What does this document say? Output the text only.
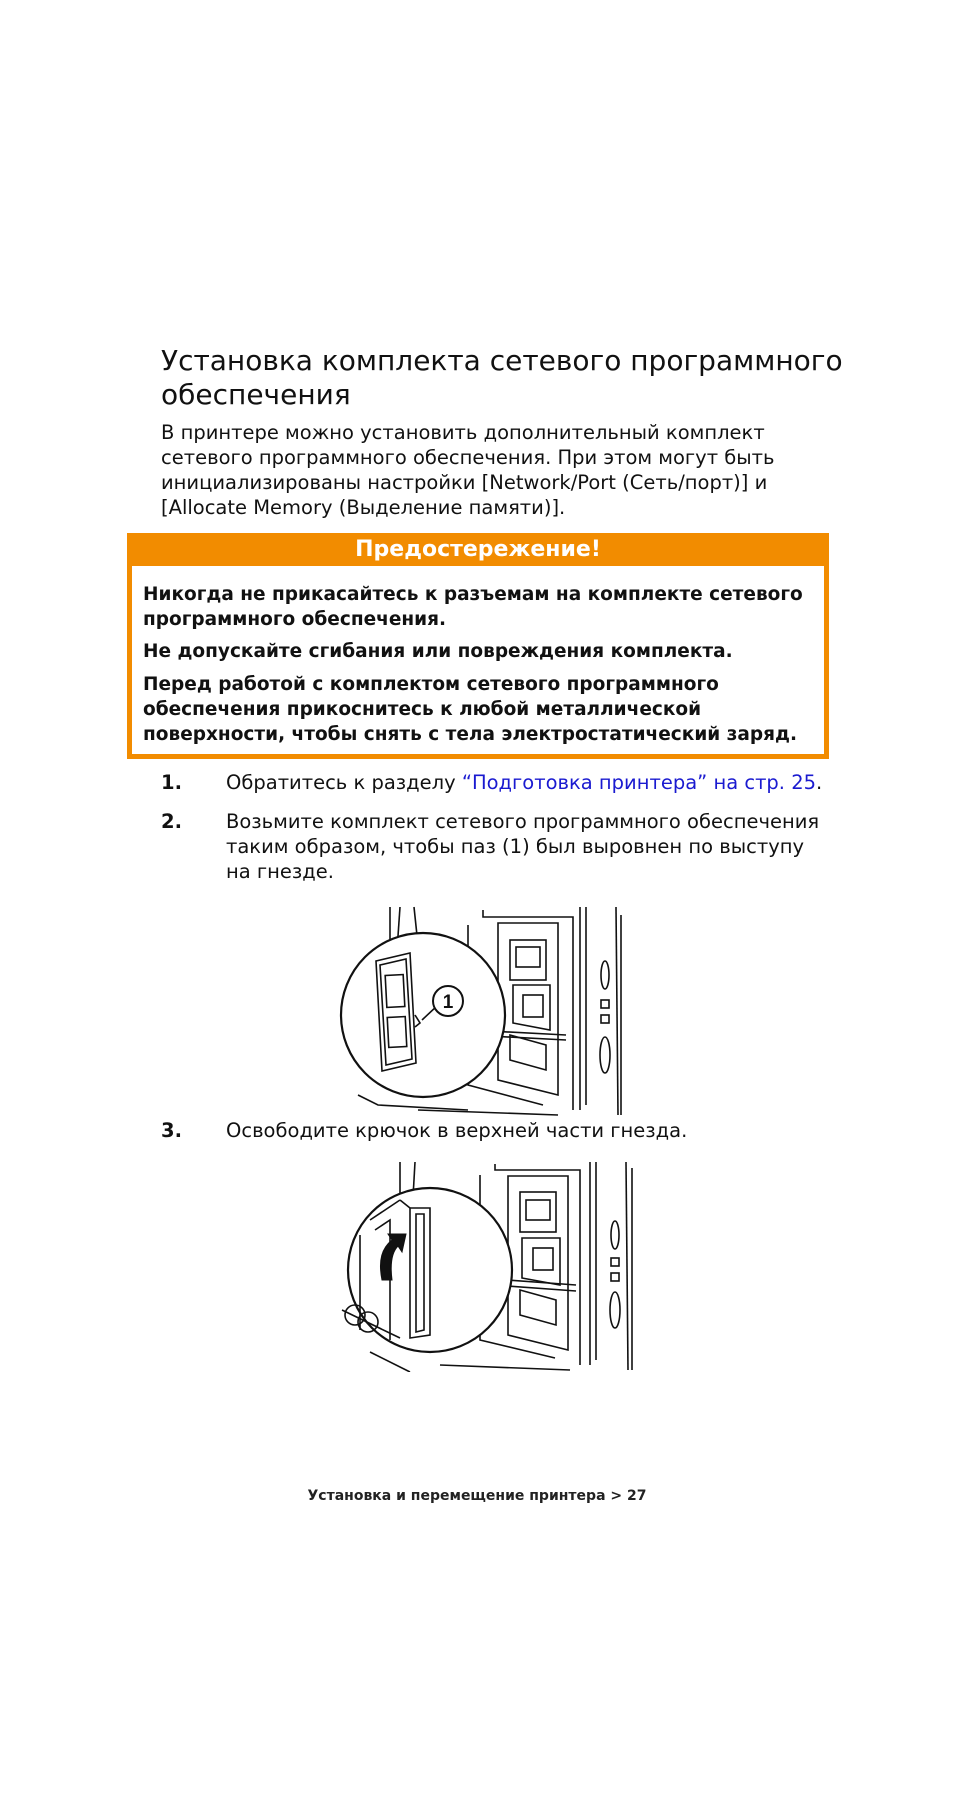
Установка комплекта сетевого программного обеспечения

В принтере можно установить дополнительный комплект сетевого программного обеспечения. При этом могут быть инициализированы настройки [Network/Port (Сеть/порт)] и [Allocate Memory (Выделение памяти)].

Предостережение!

Никогда не прикасайтесь к разъемам на комплекте сетевого программного обеспечения.

Не допускайте сгибания или повреждения комплекта.

Перед работой с комплектом сетевого программного обеспечения прикоснитесь к любой металлической поверхности, чтобы снять с тела электростатический заряд.

1. Обратитесь к разделу “Подготовка принтера” на стр. 25.
2. Возьмите комплект сетевого программного обеспечения таким образом, чтобы паз (1) был выровнен по выступу на гнезде.
1
3. Освободите крючок в верхней части гнезда.
Установка и перемещение принтера > 27
